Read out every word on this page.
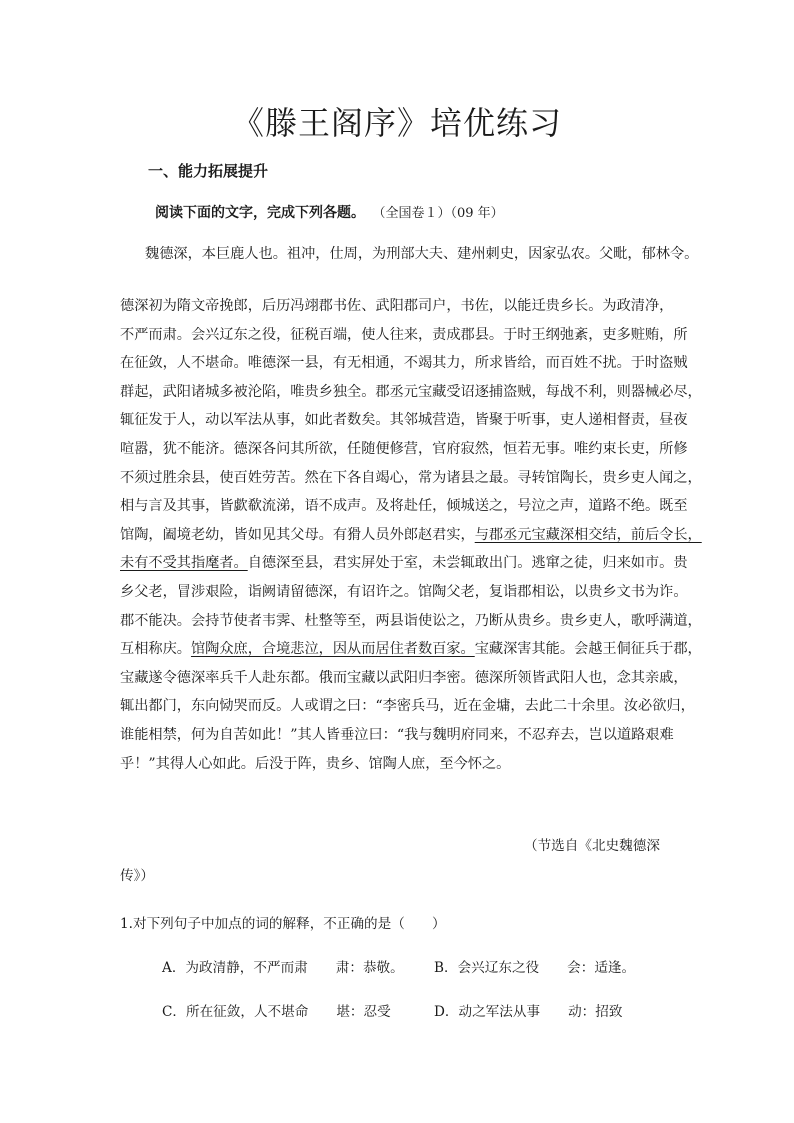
《滕王阁序》培优练习
一、能力拓展提升
阅读下面的文字，完成下列各题。 （全国卷１）（09 年）
魏德深，本巨鹿人也。祖冲，仕周，为刑部大夫、建州刺史，因家弘农。父毗，郁林令。
德深初为隋文帝挽郎，后历冯翊郡书佐、武阳郡司户，书佐，以能迁贵乡长。为政清净，
不严而肃。会兴辽东之役，征税百端，使人往来，责成郡县。于时王纲弛紊，吏多赃贿，所
在征敛，人不堪命。唯德深一县，有无相通，不竭其力，所求皆给，而百姓不扰。于时盗贼
群起，武阳诸城多被沦陷，唯贵乡独全。郡丞元宝藏受诏逐捕盗贼，每战不利，则器械必尽，
辄征发于人，动以军法从事，如此者数矣。其邻城营造，皆聚于听事，吏人递相督责，昼夜
喧嚣，犹不能济。德深各问其所欲，任随便修营，官府寂然，恒若无事。唯约束长吏，所修
不须过胜余县，使百姓劳苦。然在下各自竭心，常为诸县之最。寻转馆陶长，贵乡吏人闻之，
相与言及其事，皆歔欷流涕，语不成声。及将赴任，倾城送之，号泣之声，道路不绝。既至
馆陶，阖境老幼，皆如见其父母。有猾人员外郎赵君实，与郡丞元宝藏深相交结，前后令长，
未有不受其指麾者。自德深至县，君实屏处于室，未尝辄敢出门。逃窜之徒，归来如市。贵
乡父老，冒涉艰险，诣阙请留德深，有诏许之。馆陶父老，复诣郡相讼，以贵乡文书为诈。
郡不能决。会持节使者韦霁、杜整等至，两县诣使讼之，乃断从贵乡。贵乡吏人，歌呼满道，
互相称庆。馆陶众庶，合境悲泣，因从而居住者数百家。宝藏深害其能。会越王侗征兵于郡，
宝藏遂令德深率兵千人赴东都。俄而宝藏以武阳归李密。德深所领皆武阳人也，念其亲戚，
辄出都门，东向恸哭而反。人或谓之曰：“李密兵马，近在金墉，去此二十余里。汝必欲归，
谁能相禁，何为自苦如此！”其人皆垂泣曰：“我与魏明府同来，不忍弃去，岂以道路艰难
乎！”其得人心如此。后没于阵，贵乡、馆陶人庶，至今怀之。
（节选自《北史魏德深
传》）
1.对下列句子中加点的词的解释，不正确的是（　　）
A．为政清静，不严而肃 肃：恭敬。 B．会兴辽东之役 会：适逢。
C．所在征敛，人不堪命 堪：忍受	D．动之军法从事 动：招致
